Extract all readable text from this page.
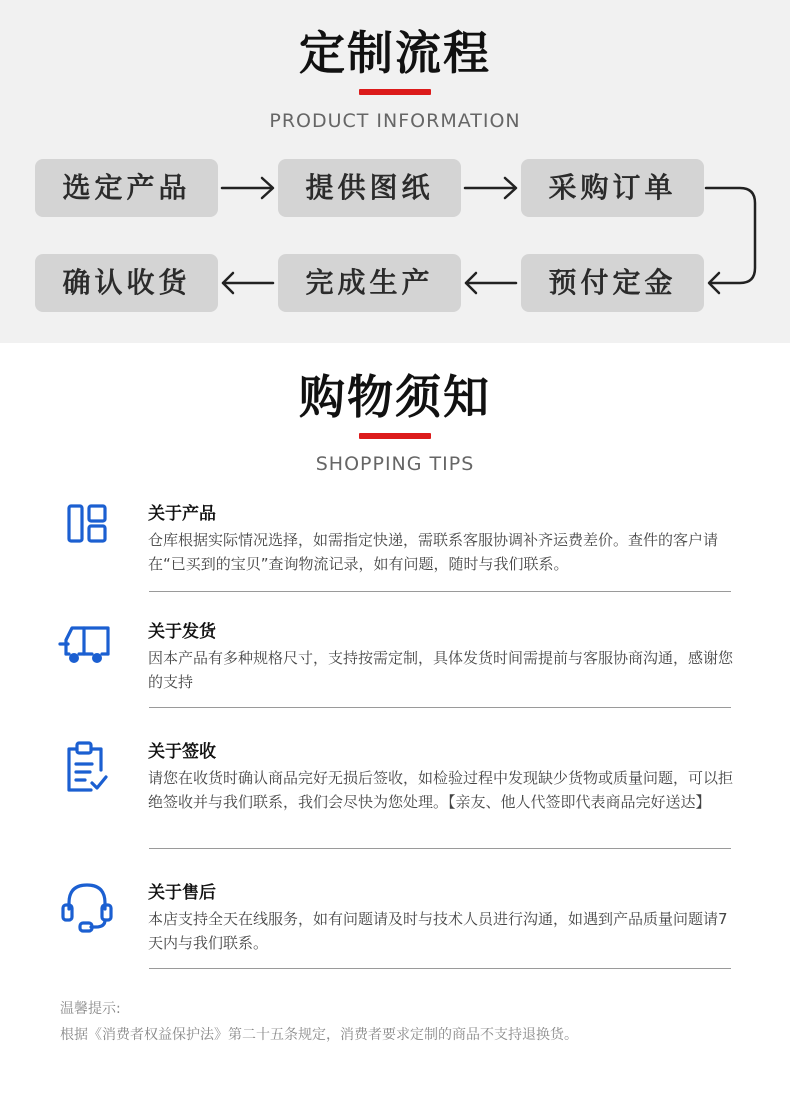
定制流程
PRODUCT INFORMATION
选定产品	提供图纸	采购订单
预付定金
完成生产
确认收货
购物须知
SHOPPING TIPS
关于产品
仓库根据实际情况选择，如需指定快递，需联系客服协调补齐运费差价。查件的客户请在“已买到的宝贝”查询物流记录，如有问题，随时与我们联系。
关于发货
因本产品有多种规格尺寸，支持按需定制，具体发货时间需提前与客服协商沟通，感谢您的支持
关于签收
请您在收货时确认商品完好无损后签收，如检验过程中发现缺少货物或质量问题，可以拒绝签收并与我们联系，我们会尽快为您处理。【亲友、他人代签即代表商品完好送达】
关于售后
本店支持全天在线服务，如有问题请及时与技术人员进行沟通，如遇到产品质量问题请7天内与我们联系。
温馨提示:
根据《消费者权益保护法》第二十五条规定，消费者要求定制的商品不支持退换货。
